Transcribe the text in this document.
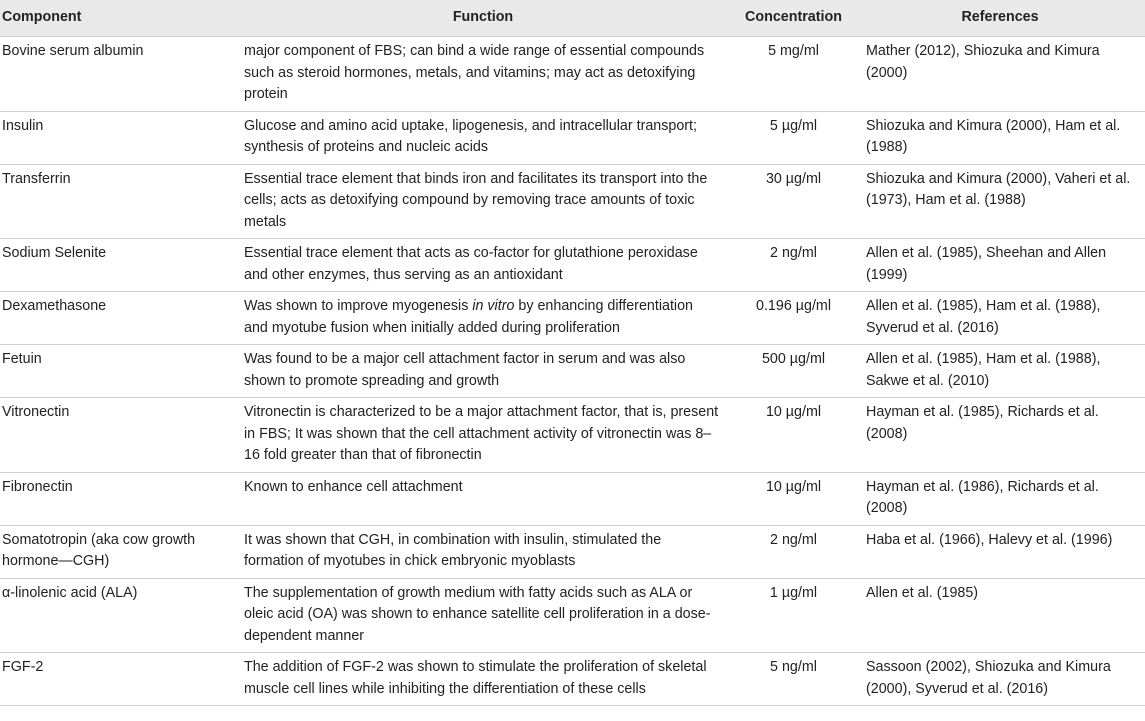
Component	Function	Concentration	References
Bovine serum albumin	major component of FBS; can bind a wide range of essential compounds such as steroid hormones, metals, and vitamins; may act as detoxifying protein	5 mg/ml	Mather (2012), Shiozuka and Kimura (2000)
Insulin	Glucose and amino acid uptake, lipogenesis, and intracellular transport; synthesis of proteins and nucleic acids	5 µg/ml	Shiozuka and Kimura (2000), Ham et al. (1988)
Transferrin	Essential trace element that binds iron and facilitates its transport into the cells; acts as detoxifying compound by removing trace amounts of toxic metals	30 µg/ml	Shiozuka and Kimura (2000), Vaheri et al. (1973), Ham et al. (1988)
Sodium Selenite	Essential trace element that acts as co-factor for glutathione peroxidase and other enzymes, thus serving as an antioxidant	2 ng/ml	Allen et al. (1985), Sheehan and Allen (1999)
Dexamethasone	Was shown to improve myogenesis in vitro by enhancing differentiation and myotube fusion when initially added during proliferation	0.196 µg/ml	Allen et al. (1985), Ham et al. (1988), Syverud et al. (2016)
Fetuin	Was found to be a major cell attachment factor in serum and was also shown to promote spreading and growth	500 µg/ml	Allen et al. (1985), Ham et al. (1988), Sakwe et al. (2010)
Vitronectin	Vitronectin is characterized to be a major attachment factor, that is, present in FBS; It was shown that the cell attachment activity of vitronectin was 8–16 fold greater than that of fibronectin	10 µg/ml	Hayman et al. (1985), Richards et al. (2008)
Fibronectin	Known to enhance cell attachment	10 µg/ml	Hayman et al. (1986), Richards et al. (2008)
Somatotropin (aka cow growth hormone—CGH)	It was shown that CGH, in combination with insulin, stimulated the formation of myotubes in chick embryonic myoblasts	2 ng/ml	Haba et al. (1966), Halevy et al. (1996)
α-linolenic acid (ALA)	The supplementation of growth medium with fatty acids such as ALA or oleic acid (OA) was shown to enhance satellite cell proliferation in a dose-dependent manner	1 µg/ml	Allen et al. (1985)
FGF-2	The addition of FGF-2 was shown to stimulate the proliferation of skeletal muscle cell lines while inhibiting the differentiation of these cells	5 ng/ml	Sassoon (2002), Shiozuka and Kimura (2000), Syverud et al. (2016)
